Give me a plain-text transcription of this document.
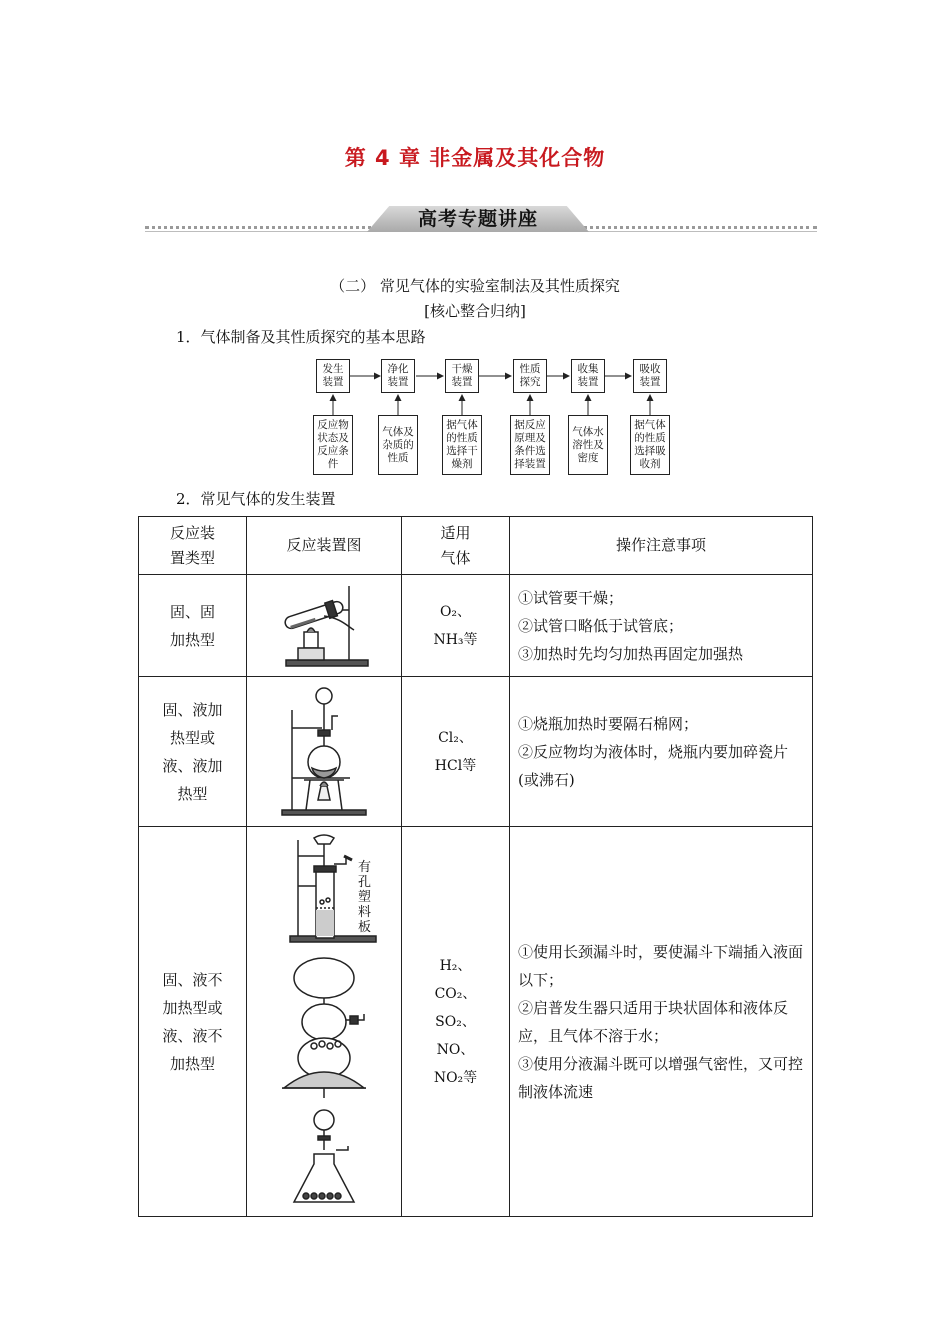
第 4 章 非金属及其化合物
高考专题讲座
（二） 常见气体的实验室制法及其性质探究
[核心整合归纳]
1．气体制备及其性质探究的基本思路
发生装置
净化装置
干燥装置
性质探究
收集装置
吸收装置
反应物状态及反应条件
气体及杂质的性质
据气体的性质选择干燥剂
据反应原理及条件选择装置
气体水溶性及密度
据气体的性质选择吸收剂
2．常见气体的发生装置
反应装置类型	反应装置图	适用气体	操作注意事项

固、固加热型		O₂、NH₃等	①试管要干燥；
②试管口略低于试管底；
③加热时先均匀加热再固定加强热

固、液加热型或液、液加热型		Cl₂、HCl等	①烧瓶加热时要隔石棉网；
②反应物均为液体时，烧瓶内要加碎瓷片(或沸石)

固、液不加热型或液、液不加热型	有孔塑料板	H₂、CO₂、SO₂、NO、NO₂等	①使用长颈漏斗时，要使漏斗下端插入液面以下；
②启普发生器只适用于块状固体和液体反应，且气体不溶于水；
③使用分液漏斗既可以增强气密性，又可控制液体流速
